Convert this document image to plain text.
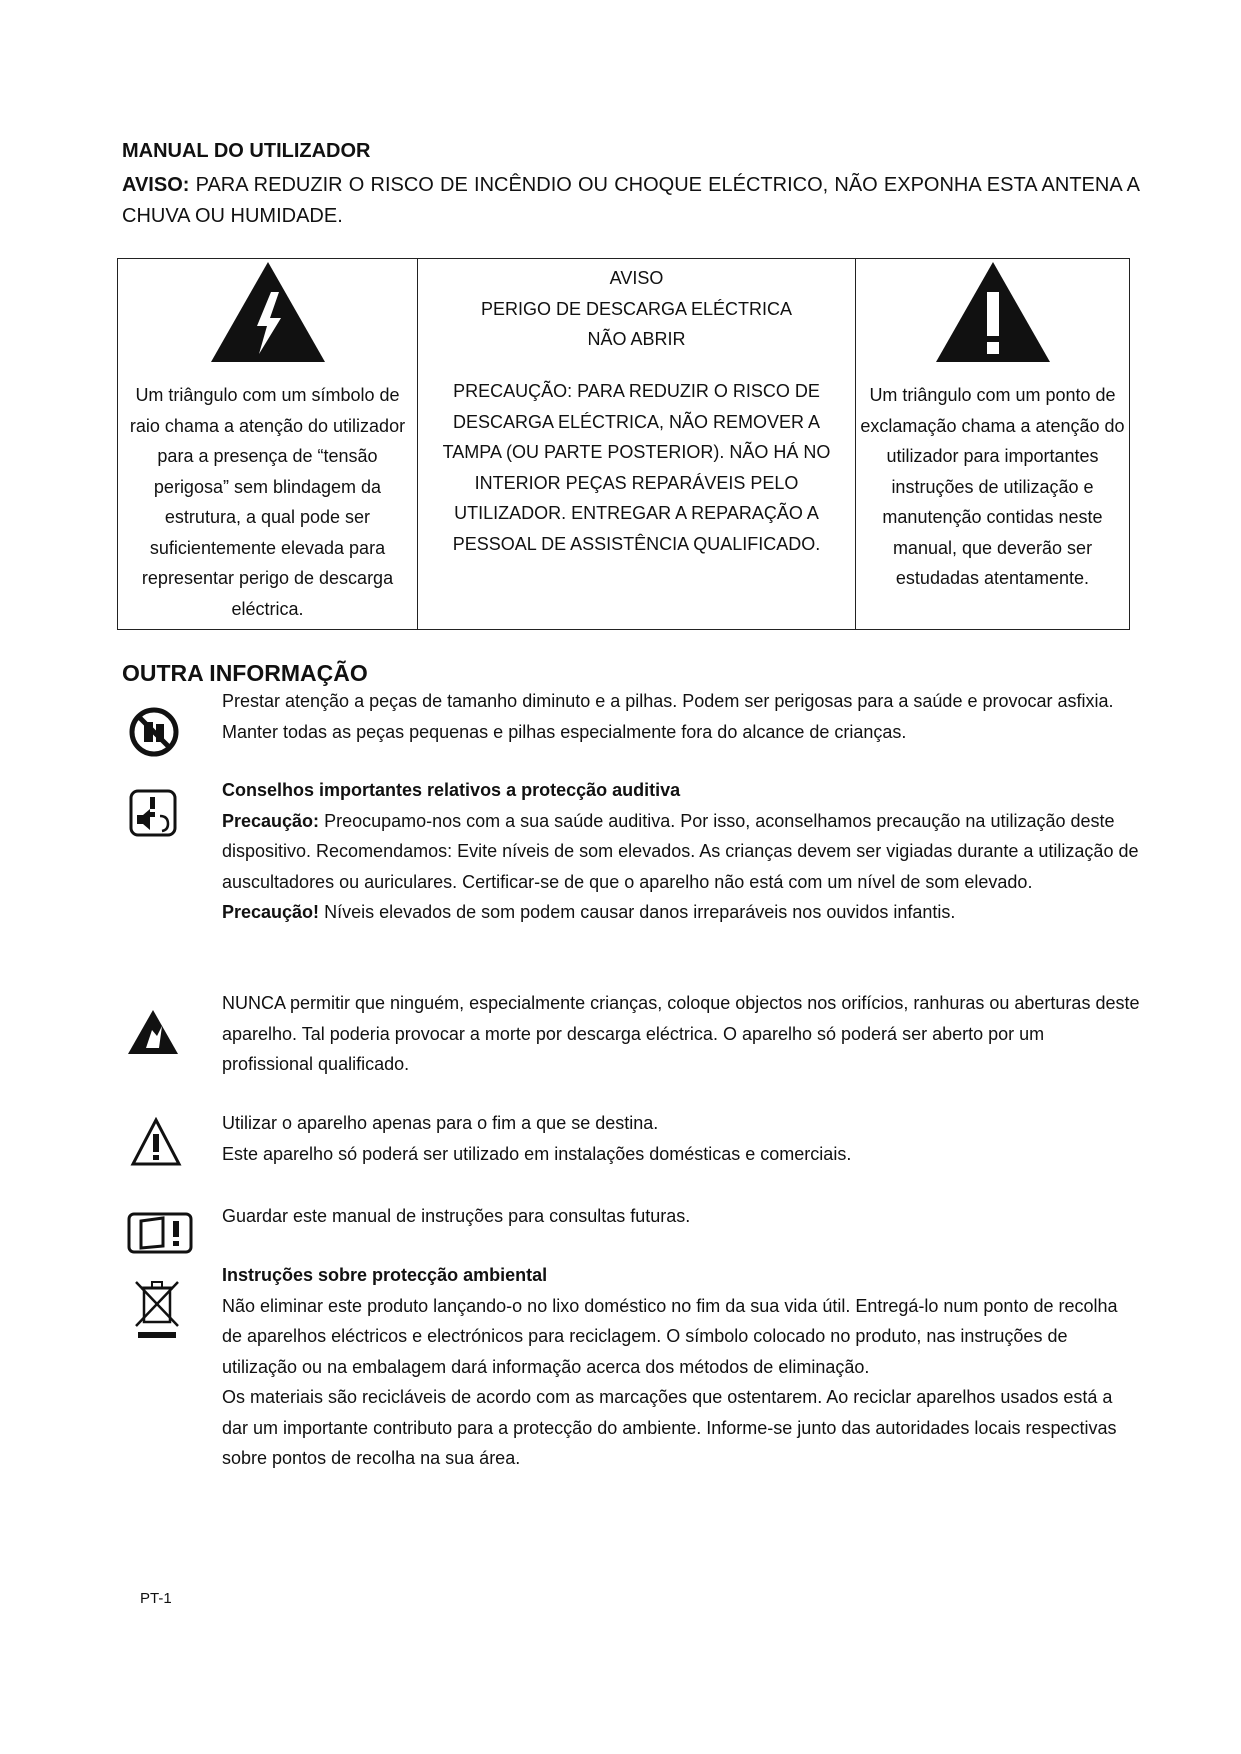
MANUAL DO UTILIZADOR
AVISO: PARA REDUZIR O RISCO DE INCÊNDIO OU CHOQUE ELÉCTRICO, NÃO EXPONHA ESTA ANTENA A CHUVA OU HUMIDADE.
Um triângulo com um símbolo de raio chama a atenção do utilizador para a presença de “tensão perigosa” sem blindagem da estrutura, a qual pode ser suficientemente elevada para representar perigo de descarga eléctrica.

AVISO
PERIGO DE DESCARGA ELÉCTRICA
NÃO ABRIR
PRECAUÇÃO: PARA REDUZIR O RISCO DE DESCARGA ELÉCTRICA, NÃO REMOVER A TAMPA (OU PARTE POSTERIOR). NÃO HÁ NO INTERIOR PEÇAS REPARÁVEIS PELO UTILIZADOR. ENTREGAR A REPARAÇÃO A PESSOAL DE ASSISTÊNCIA QUALIFICADO.

Um triângulo com um ponto de exclamação chama a atenção do utilizador para importantes instruções de utilização e manutenção contidas neste manual, que deverão ser estudadas atentamente.
OUTRA INFORMAÇÃO
Prestar atenção a peças de tamanho diminuto e a pilhas. Podem ser perigosas para a saúde e provocar asfixia. Manter todas as peças pequenas e pilhas especialmente fora do alcance de crianças.
Conselhos importantes relativos a protecção auditiva
Precaução: Preocupamo-nos com a sua saúde auditiva. Por isso, aconselhamos precaução na utilização deste dispositivo. Recomendamos: Evite níveis de som elevados. As crianças devem ser vigiadas durante a utilização de auscultadores ou auriculares. Certificar-se de que o aparelho não está com um nível de som elevado.
Precaução! Níveis elevados de som podem causar danos irreparáveis nos ouvidos infantis.
NUNCA permitir que ninguém, especialmente crianças, coloque objectos nos orifícios, ranhuras ou aberturas deste aparelho. Tal poderia provocar a morte por descarga eléctrica. O aparelho só poderá ser aberto por um profissional qualificado.
Utilizar o aparelho apenas para o fim a que se destina.
Este aparelho só poderá ser utilizado em instalações domésticas e comerciais.
Guardar este manual de instruções para consultas futuras.
Instruções sobre protecção ambiental
Não eliminar este produto lançando-o no lixo doméstico no fim da sua vida útil. Entregá-lo num ponto de recolha de aparelhos eléctricos e electrónicos para reciclagem. O símbolo colocado no produto, nas instruções de utilização ou na embalagem dará informação acerca dos métodos de eliminação.
Os materiais são recicláveis de acordo com as marcações que ostentarem. Ao reciclar aparelhos usados está a dar um importante contributo para a protecção do ambiente. Informe-se junto das autoridades locais respectivas sobre pontos de recolha na sua área.
PT-1
